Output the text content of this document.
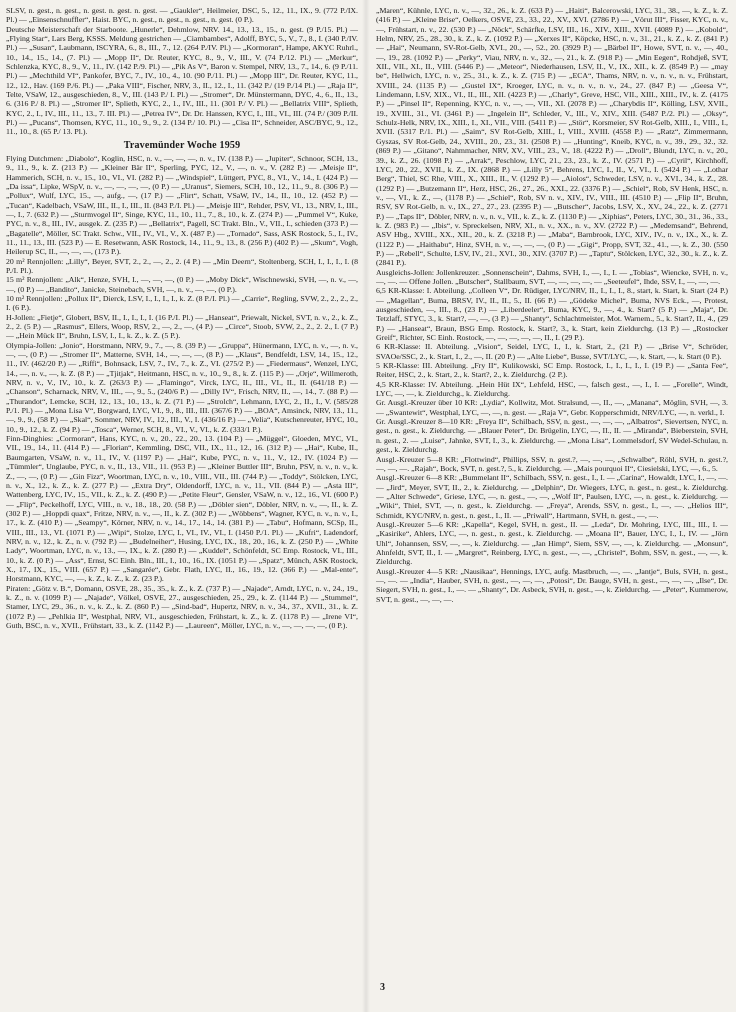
SLSV, n. gest., n. gest., n. gest. n. gest. n. gest. — „Gaukler“, Heilmeier, DSC, 5., 12., 11., IX., 9. (772 P./IX. Pl.) — „Einsenschnuffler“, Haist. BYC, n. gest., n. gest., n. gest., n. gest. (0 P.).

Deutsche Meisterschaft der Starboote. „Hunerle“, Dehmlow, NRV. 14., 13., 13., 15., n. gest. (9 P./15. Pl.) — „Flying Star“, Lars Berg, KSSS. Meldung gestrichen — „Ciambambes“, Adolff, BYC, 5., V., 7., 8., I. (340 P./IV. Pl.) — „Susan“, Laubmann, ISCYRA, 6., 8., III., 7., 12. (264 P./IV. Pl.) — „Kormoran“, Hampe, AKYC Ruhrl., 10., 14., 15., 14., (7. Pl.) — „Mopp II“, Dr. Reuter, KYC, 8., 9., V., III., V. (74 P./12. Pl.) — „Merkur“, Schlenzka, KYC, 8., 9., V., 11., IV. (142 P./9. Pl.) — „Pik As V“, Baron v. Stempel, NRV, 13., 7., 14., 6. (9 P./11. Pl.) — „Mechthild VI“, Pankofer, BYC, 7., IV., 10., 4., 10. (90 P./11. Pl.) — „Mopp III“, Dr. Reuter, KYC, 11., 12., 12., Hav. (169 P./6. Pl.) — „Paka VIII“, Fischer, NRV, 3., II., 12., I., 11. (342 P./ (19 P./14 Pl.) — „Raja II“, Telte, VSaW, 12., ausgeschieden, 8., V., III. (143 P./ I. Pl.) — „Stromer“, Dr. Münstermann, DYC, 4., 6., II., 13., 6. (316 P./ 8. Pl.) — „Stromer II“, Splieth, KYC, 2., 1., IV., III., 11. (301 P./ V. Pl.) — „Bellatrix VIII“, Splieth, KYC, 2., I., IV., III., 11., 13., 7. III. Pl.) — „Petrea IV“, Dr. Dr. Hanssen, KYC, I., III., VI., III. (74 P./ (309 P./II. Pl.) — „Pucans“, Thomsen, KYC, 11., 10., 9., 9., 2. (134 P./ 10. Pl.) — „Cisa II“, Schneider, ASC/BYC, 9., 12., 11., 10., 8. (65 P./ 13. Pl.).

Travemünder Woche 1959

Flying Dutchmen: „Diabolo“, Koglin, HSC, n. v., —, —, —, n. v., IV. (138 P.) — „Jupiter“, Schnoor, SCH, 13., 9., 11., 9., k. Z. (213 P.) — „Kleiner Bär II“, Sperling, PYC, 12., V., —, n. v., V. (282 P.) — „Meisje II“, Hammerich, SCH, n. v., 15., 10., VI., VI. (282 P.) — „Windspiel“, Lüttgert, PYC, 8., VI., V., 14., I. (424 P.) — „Da issa“, Lipke, WSpV, n. v., —, —, —, —, (0 P.) — „Uranus“, Siemers, SCH, 10., 12., 11., 9., 8. (306 P.) — „Pollux“, Wulf, LYC, 15., —, aufg., —, (17 P.) — „Flirt“, Schatt, VSaW, IV., 14., II., 10., 12. (452 P.) — „Tucan“, Kadelbach, VSaW, III., II., I., III., II. (843 P./I. Pl.) — „Meisje III“, Rehder, PSV, VI., 13., NRV, I., III., —, I., 7. (632 P.) — „Sturmvogel II“, Singe, KYC, 11., 10., 11., 7., 8., 10., k. Z. (274 P.) — „Pummel V“, Kuke, PYC, n. v., 8., III., IV., ausgek. Z. (235 P.) — „Bellatrix“, Pagell, SC Trakt. Bln., V., VII., I., schieden (373 P.) — „Bagatelle“, Möller, SC Trakt. Schw., VII., IV., VI., V., X. (487 P.) — „Tornado“, Sass, ASK Rostock, 5., I., IV., 11., 11., 13., III. (523 P.) — E. Resetwann, ASK Rostock, 14., 11., 9., 13., 8. (256 P.) (402 P.) — „Skum“, Vogh, Heilerup SC, II., —, —, —, (173 P.).

20 m² Rennjollen: „Lilly“, Beyer, SVT, 2., 2., —, 2., 2. (4 P.) — „Min Deern“, Stoltenberg, SCH, I., I., I., I. (8 P./I. Pl.).

15 m² Rennjollen: „Alk“, Henze, SVH, I., —, —, —, (0 P.) — „Moby Dick“, Wischnewski, SVH, —, n. v., —, —, (0 P.) — „Bandito“, Janicke, Steinebach, SVH, —, n. v., —, —, (0 P.).

10 m² Rennjollen: „Pollux II“, Dierck, LSV, I., I., I., I., k. Z. (8 P./I. Pl.) — „Carrie“, Regling, SVW, 2., 2., 2., 2., I. (6 P.).

H-Jollen: „Fietje“, Globert, BSV, II., I., I., I., I. (16 P./I. Pl.) — „Hanseat“, Priewalt, Nickel, SVT, n. v., 2., k. Z., 2., 2. (5 P.) — „Rasmus“, Ellers, Woop, RSV, 2., —, 2., —, (4 P.) — „Circe“, Stoob, SVW, 2., 2., 2. 2., I. (7 P.) — „Hein Mück II“, Bruhn, LSV, I., I., k. Z., k. Z. (5 P.).

Olympia-Jollen: „Jonio“, Horstmann, NRV, 9., 7., —, 8. (39 P.) — „Gruppa“, Hünermann, LYC, n. v., —, n. v., —, —, (0 P.) — „Stromer II“, Matterne, SVH, 14., —, —, —, (8 P.) — „Klaus“, Bendfeldt, LSV, 14., 15., 12., 11., IV. (462/20 P.) — „Riffi“, Bohnsack, LSV, 7., IV., 7., k. Z., VI. (275/2 P.) — „Fiedermaus“, Wenzel, LYC, 14., —, n. v., —, k. Z. (8 P.) — „Tjitjak“, Heitmann, HSC, n. v., 10., 9., 8., k. Z. (115 P.) — „Orje“, Willmeroth, NRV, n. v., V., IV., 10., k. Z. (263/3 P.) — „Flamingo“, Virck, LYC, II., III., VI., II., II. (641/18 P.) — „Chanson“, Scharnack, NRV, V., III., —, 9., 5., (240/6 P.) — „Dilly IV“, Frisch, NRV, II., —, 14., 7. (88 P.) — „Thurandot“, Lemcke, SCH, 12., 13., 10., 13., k. Z. (71 P.) — „Strolch“, Lehmann, LYC, 2., II., I., V. (585/28 P./1. Pl.) — „Mona Lisa V“, Borgward, LYC, VI., 9., 8., III., III. (367/6 P.) — „BOA“, Amsinck, NRV, 13., 11., —, 9., 9., (58 P.) — „Skal“, Sommer, NRV, IV., 12., III., V., I. (436/16 P.) — „Velia“, Kutschenreuter, HYC, 10., 10., 9., 12., k. Z. (94 P.) — „Tosca“, Werner, SCH, 8., VI., V., VI., k. Z. (333/1 P.).

Finn-Dinghies: „Cormoran“, Hans, KYC, n. v., 20., 22., 20., 13. (104 P.) — „Müggel“, Gloeden, MYC, VI., VII., 19., 14., 11. (414 P.) — „Florian“, Kemmling, DSC, VII., IX., 11., 12., 16. (312 P.) — „Hai“, Kube, II., Baumgarten, VSaW, n. v., 11., IV., V. (1197 P.) — „Hai“, Kube, PYC, n. v., 11., V., 12., IV. (1024 P.) — „Tümmler“, Unglaube, PYC, n. v., II., 13., VII., 11. (953 P.) — „Kleiner Buttler III“, Bruhn, PSV, n. v., n. v., k. Z., —, —, (0 P.) — „Gin Fizz“, Woortman, LYC, n. v., 10., VIII., VII., III. (744 P.) — „Toddy“, Stölcken, LYC, n. v., X., 12., k. Z., k. Z. (277 P.) — „Extra Dry“, Oldendorff, LYC, n. v., 11., VII. (844 P.) — „Asta III“, Wattenberg, LYC, IV., 15., VII., k. Z., k. Z. (490 P.) — „Petite Fleur“, Gensler, VSaW, n. v., 12., 16., VI. (600 P.) — „Flip“, Peckelhoff, LYC, VIII., n. v., 18., 18., 20. (58 P.) — „Döbler sien“, Döbler, NRV, n. v., —, II., k. Z. (302 P.) — „Hoppdi quax“, Fritze, NRV, n. v., —, II., k. Z. (302 P.) — „Wöbbens“, Wagner, KYC, n. v., n. v., I., 17., k. Z. (410 P.) — „Seampy“, Körner, NRV, n. v., 14., 17., 14., 14. (381 P.) — „Tabu“, Hofmann, SCSp, II., VIII., III., 13., VI. (1071 P.) — „Wipi“, Stolze, LYC, I., VI., IV., VI., I. (1450 P./1. Pl.) — „Kufri“, Ladendorf, NRV, n. v., 12., k. Z., n. v. (792 P.) — „Budelneiher“, Husing, LYC, IX., 18., 20., 16., k. Z. (250 P.) — „White Lady“, Woortman, LYC, n. v., 13., —, IX., k. Z. (280 P.) — „Kuddel“, Schönfeldt, SC Emp. Rostock, VI., III., 10., k. Z. (0 P.) — „Ass“, Ernst, SC Einh. Bln., III., I., 10., 16., IX. (1051 P.) — „Spatz“, Münch, ASK Rostock, X., 17., IX., 15., VIII. (657 P.) — „Sangarée“, Gebr. Flath, LYC, II., 16., 19., 12. (366 P.) — „Mal-ente“, Horstmann, KYC, —, —, k. Z., k. Z., k. Z. (23 P.).

Piraten: „Götz v. B.“, Domann, OSVE, 28., 35., 35., k. Z., k. Z. (737 P.) — „Najade“, Arndt, LYC, n. v., 24., 19., k. Z., n. v. (1099 P.) — „Najade“, Völkel, OSVE, 27., ausgeschieden, 25., 29., k. Z. (1144 P.) — „Stummel“, Stamer, LYC, 29., 36., n. v., k. Z., k. Z. (860 P.) — „Sind-bad“, Hupertz, NRV, n. v., 34., 37., XVII., 31., k. Z. (1072 P.) — „Pehlkia II“, Westphal, NRV, VI., ausgeschieden, Frühstart, k. Z., k. Z. (1178 P.) — „Irene VI“, Guth, BSC, n. v., XVII., Frühstart, 33., k. Z. (1142 P.) — „Laureen“, Möller, LYC, n. v., —, —, —, —, (0 P.).

„Maren“, Kühnle, LYC, n. v., —, 32., 26., k. Z. (633 P.) — „Haiti“, Balcerowski, LYC, 31., 38., —, k. Z., k. Z. (416 P.) — „Kleine Brise“, Oelkers, OSVE, 23., 33., 22., XV., XVI. (2786 P.) — „Vörut III“, Fisser, KYC, n. v., —, Frühstart, n. v., 22. (530 P.) — „Nöck“, Schärfke, LSV, III., 16., XIV., XIII., XVII. (4089 P.) — „Kobold“, Helm, NRV, 25., 28., 30., k. Z., k. Z. (1092 P.) — „Xerxes II“, Köpcke, HSC, n. v., 31., 21., k. Z., k. Z. (841 P.) — „Hai“, Neumann, SV-Rot-Gelb, XVI., 20., —, 52., 20. (3929 P.) — „Bärbel II“, Howe, SVT, n. v., —, 40., —, 19., 28. (1092 P.) — „Perky“, Viau, NRV, n. v., 32., —, 21., k. Z. (918 P.) — „Min Eegen“, Rohdjeß, SVT, XII., VII., XI., II., VIII. (5446 P.) — „Meteor“, Niederhausen, LSV, II., V., IX., XII., k. Z. (8549 P.) — „may be“, Hellwich, LYC, n. v., 25., 31., k. Z., k. Z. (715 P.) — „ECA“, Thams, NRV, n. v., n. v., n. v., Frühstart, XVIII., 24. (1135 P.) — „Gustel IX“, Kroeger, LYC, n. v., n. v., n. v., 24., 27. (847 P.) — „Geesa V“, Lindemann, LSV, XIX., VI., II., III., XII. (4223 P.) — „Charly“, Greve, HSC, VII., XIII., XIII., IV., k. Z. (4175 P.) — „Pinsel II“, Repenning, KYC, n. v., —, —, VII., XI. (2078 P.) — „Charybdis II“, Kölling, LSV, XVII., 19., XVIII., 31., VI. (3461 P.) — „Ingelein II“, Schleder, V., III., V., XIV., XIII. (5487 P./2. Pl.) — „Oksy“, Schulz-Helk, NRV, IX., XIII., I., XI., VII., VIII. (5411 P.) — „Stör“, Korsmeier, SV Rot-Gelb, XIII., I., VIII., I., XVII. (5317 P./1. Pl.) — „Saim“, SV Rot-Gelb, XIII., I., VIII., XVIII. (4558 P.) — „Ratz“, Zimmermann, Gyszas, SV Rot-Gelb, 24., XVIII., 20., 23., 31. (2508 P.) — „Hunting“, Kneib, KYC, n. v., 39., 29., 32., 32. (869 P.) — „Gitano“, Nahmmacher, NRV, XV., VIII., 23., V., 18. (4222 P.) — „Droll“, Blundt, LYC, n. v., 20., 39., k. Z., 26. (1098 P.) — „Arrak“, Peschlow, LYC, 21., 23., 23., k. Z., IV. (2571 P.) — „Cyril“, Kirchhoff, LYC, 20., 22., XVII., k. Z., IX. (2868 P.) — „Lilly 5“, Behrens, LYC, I., II., V., VI., I. (5424 P.) — „Lothar Berg“, Thiel, SC Rhe, VIII., X., XIII., II., V. (1292 P.) — „Aiolos“, Schweder, LSV, n. v., XVI., 34., k. Z., 28. (1292 P.) — „Butzemann II“, Herz, HSC, 26., 27., 26., XXI., 22. (3376 P.) — „Schiel“, Rob, SV Henk, HSC, n. v., —, VI., k. Z., —, (1178 P.) — „Schiel“, Rob, SV n. v., XIV., IV., VIII., III. (4510 P.) — „Flip II“, Bruhn, RSV, SV Rot-Gelb, n. v., IX., 27., 27., 23. (2395 P.) — „Butscher“, Jacobs, LSV, X., XV., 24., 22., k. Z. (2771 P.) — „Taps II“, Döbler, NRV, n. v., n. v., VII., k. Z., k. Z. (1130 P.) — „Xiphias“, Peters, LYC, 30., 31., 36., 33., k. Z. (983 P.) — „Ibis“, v. Spreckelsen, NRV, XI., n. v., XX., n. v., XV. (2722 P.) — „Medemsand“, Behrend, ASV Hbg., XVIII., XX., XII., 20., k. Z. (3218 P.) — „Maba“, Barnbrook, LYC, XIV., IV., n. v., IX., X., k. Z. (1122 P.) — „Haithabu“, Hinz, SVH, n. v., —, —, —, (0 P.) — „Gigi“, Propp, SVT, 32., 41., —, k. Z., 30. (550 P.) — „Rebell“, Schulte, LSV, IV., 21., XVI., 30., XIV. (3707 P.) — „Taptu“, Stölcken, LYC, 32., 30., k. Z., k. Z. (2841 P.).

Ausgleichs-Jollen: Jollenkreuzer. „Sonnenschein“, Dahms, SVH, I., —, I., I. — „Tobias“, Wiencke, SVH, n. v., —, —. — Offene Jollen. „Butscher“, Stallbaum, SVT, —, —, —, —, — „Seeteufel“, Ihde, SSV, I., —, —, —.

6,5 KR-Klasse: I. Abteilung. „Colleen V“, Dr. Rüdiger, LYC/NRV, II., I., I., I., 8., start, k. Start, k. Start (24 P.) — „Magellan“, Buma, BRSV, IV., II., II., 5., II. (66 P.) — „Gödeke Michel“, Buma, NVS Eck., —, Protest, ausgeschieden, —, III., 8., (23 P.) — „Liberdeeler“, Buma, KYC, 9., —, 4., k. Start? (5 P.) — „Maja“, Dr. Tetzlaff, STYC, 3., k. Start?, —, —, (3 P.) — „Shanty“, Schlachtmeister, Mot. Warnem., 5., k. Start?, II., 4., (29 P.) — „Hanseat“, Braun, BSG Emp. Rostock, k. Start?, 3., k. Start, kein Zieldurchg. (13 P.) — „Rostocker Greif“, Richter, SC Einh. Rostock, —, —, —, —, —, II., I. (29 P.).

6 KR-Klasse: II. Abteilung. „Vision“, Seidel, LYC, I., I., k. Start, 2., (21 P.) — „Brise V“, Schröder, SVAOe/SSC, 2., k. Start, I., 2., —, II. (20 P.) — „Alte Liebe“, Busse, SVT/LYC, —, k. Start, —, k. Start (0 P.).

5 KR-Klasse: III. Abteilung. „Fry II“, Kulikowski, SC Emp. Rostock, I., I., I., I., I. (19 P.) — „Santa Fee“, Reiter, HSC, 2., k. Start, 2., k. Start?, 2., k. Zieldurchg. (2 P.).

4,5 KR-Klasse: IV. Abteilung. „Hein Hüt IX“, Lehfeld, HSC, —, falsch gest., —, I., I. — „Forelle“, Windt, LYC, —, —, k. Zieldurchg., k. Zieldurchg.

Gr. Ausgl.-Kreuzer über 10 KR: „Lydia“, Kollwitz, Mot. Stralsund, —, II., —, „Manana“, Möglin, SVH, —, 3. — „Swantewit“, Westphal, LYC, —, —, n. gest. — „Raja V“, Gebr. Kopperschmidt, NRV/LYC, —, n. verkl., I.

Gr. Ausgl.-Kreuzer 8—10 KR: „Freya II“, Schilbach, SSV, n. gest., —, —, —, „Albatros“, Sievertsen, NYC, n. gest., n. gest., k. Zieldurchg. — „Blauer Peter“, Dr. Brügelin, LYC, —, II., II. — „Miranda“, Bieberstein, SVH, n. gest., 2. — „Luise“, Jahnke, SVT, I., 3., k. Zieldurchg. — „Mona Lisa“, Lommelsdorf, SV Wedel-Schulau, n. gest., k. Zieldurchg.

Ausgl.-Kreuzer 5—8 KR: „Flottwind“, Phillips, SSV, n. gest.?, —, —, —, „Schwalbe“, Röhl, SVH, n. gest.?, —, —, —. „Rajah“, Bock, SVT, n. gest.?, 5., k. Zieldurchg. — „Mais pourquoi II“, Ciesielski, LYC, —, 6., 5.

Ausgl.-Kreuzer 6—8 KR: „Bummelant II“, Schilbach, SSV, n. gest., I., I. — „Carina“, Howaldt, LYC, I., —, —. — „Jird“, Meyer, SVT, II., 2., k. Zieldurchg. — „Delphin“, Dr. Wiegers, LYC, n. gest., n. gest., k. Zieldurchg. — „Alter Schwede“, Griese, LYC, —, n. gest., —, —, „Wolf II“, Paulsen, LYC, —, n. gest., k. Zieldurchg. — „Wiki“, Thiel, SVT, —, n. gest., k. Zieldurchg. — „Freya“, Arends, SSV, n. gest., I., —, —. „Helios III“, Schmidt, KYC/NRV, n. gest., n. gest., I., II. — „Priwall“, Hartmann, SVH, n. gest., —, —.

Ausgl.-Kreuzer 5—6 KR: „Kapella“, Kegel, SVH, n. gest., II. — „Leda“, Dr. Mohring, LYC, III., III., I. — „Kasirike“, Ahlers, LYC, —, n. gest., n. gest., k. Zieldurchg. — „Moana II“, Bauer, LYC, I., I., IV. — „Jörn Uhl“, Johannsen, SSV, —, —, k. Zieldurchg. — „Jan Himp“, Siem, SSV, —, —, k. Zieldurchg. — „Monsun“, Ahnfeldt, SVT, II., I. — „Margret“, Reinberg, LYC, n. gest., —, —, „Christel“, Bohm, SSV, n. gest., —, —, k. Zieldurchg.

Ausgl.-Kreuzer 4—5 KR: „Nausikaa“, Hennings, LYC, aufg. Mastbruch, —, —. „Jantje“, Buls, SVH, n. gest., —, —. — „India“, Hauber, SVH, n. gest., —, —, —, „Potosi“, Dr. Bauge, SVH, n. gest., —, —, —, „Ilse“, Dr. Siegert, SVH, n. gest., I., —. — „Shanty“, Dr. Asbeck, SVH, n. gest., —, k. Zieldurchg. — „Peter“, Kummerow, SVT, n. gest., —, —, —.

3
